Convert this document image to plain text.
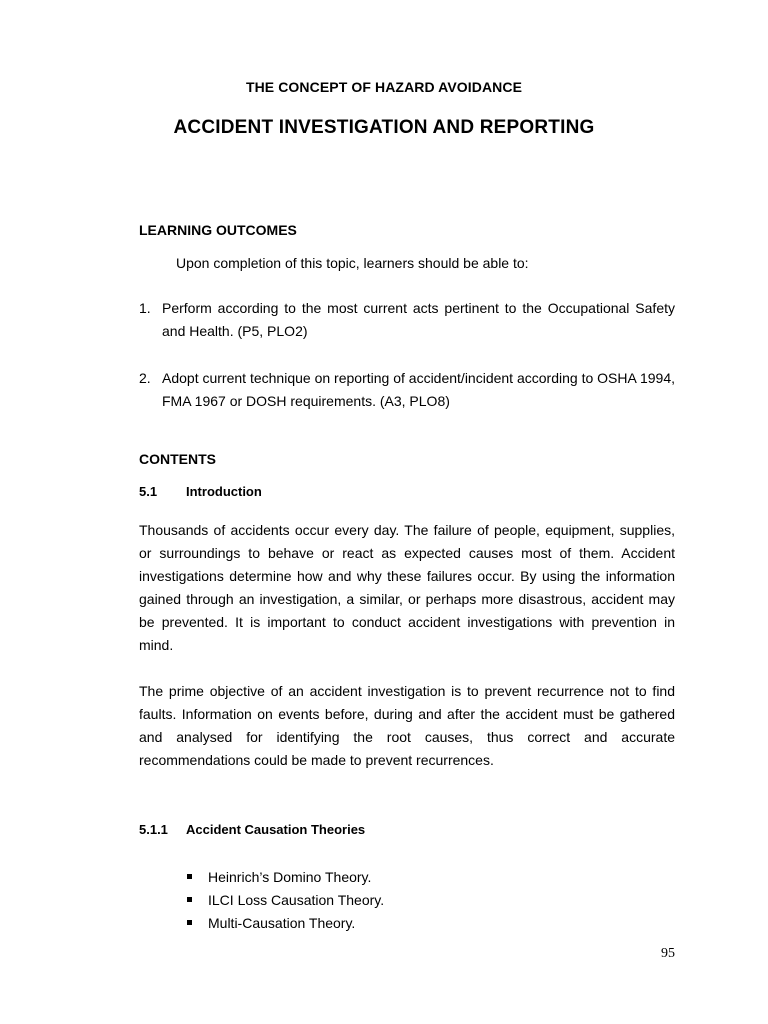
THE CONCEPT OF HAZARD AVOIDANCE
ACCIDENT INVESTIGATION AND REPORTING
LEARNING OUTCOMES
Upon completion of this topic, learners should be able to:
1. Perform according to the most current acts pertinent to the Occupational Safety and Health. (P5, PLO2)
2. Adopt current technique on reporting of accident/incident according to OSHA 1994, FMA 1967 or DOSH requirements. (A3, PLO8)
CONTENTS
5.1 Introduction
Thousands of accidents occur every day. The failure of people, equipment, supplies, or surroundings to behave or react as expected causes most of them. Accident investigations determine how and why these failures occur. By using the information gained through an investigation, a similar, or perhaps more disastrous, accident may be prevented. It is important to conduct accident investigations with prevention in mind.
The prime objective of an accident investigation is to prevent recurrence not to find faults. Information on events before, during and after the accident must be gathered and analysed for identifying the root causes, thus correct and accurate recommendations could be made to prevent recurrences.
5.1.1 Accident Causation Theories
Heinrich’s Domino Theory.
ILCI Loss Causation Theory.
Multi-Causation Theory.
95
